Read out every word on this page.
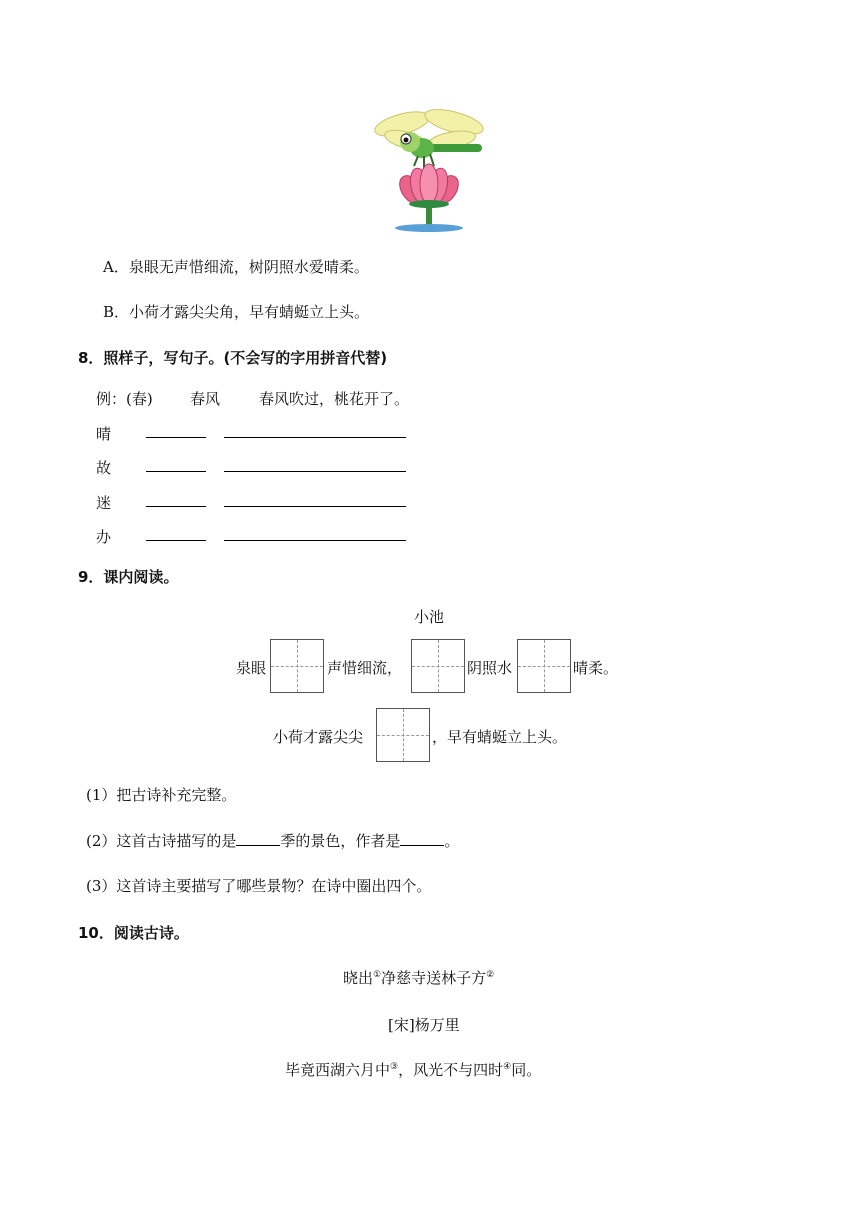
A．泉眼无声惜细流，树阴照水爱晴柔。
B．小荷才露尖尖角，早有蜻蜓立上头。
8．照样子，写句子。(不会写的字用拼音代替)
例：(春) 春风	春风吹过，桃花开了。
晴
故
迷
办
9．课内阅读。
小池
泉眼	声惜细流，	阴照水	晴柔。
小荷才露尖尖	，早有蜻蜓立上头。
(1）把古诗补充完整。
(2）这首古诗描写的是	季的景色，作者是	。
(3）这首诗主要描写了哪些景物？在诗中圈出四个。
10．阅读古诗。
晓出①净慈寺送林子方②
[宋]杨万里
毕竟西湖六月中③，风光不与四时④同。
